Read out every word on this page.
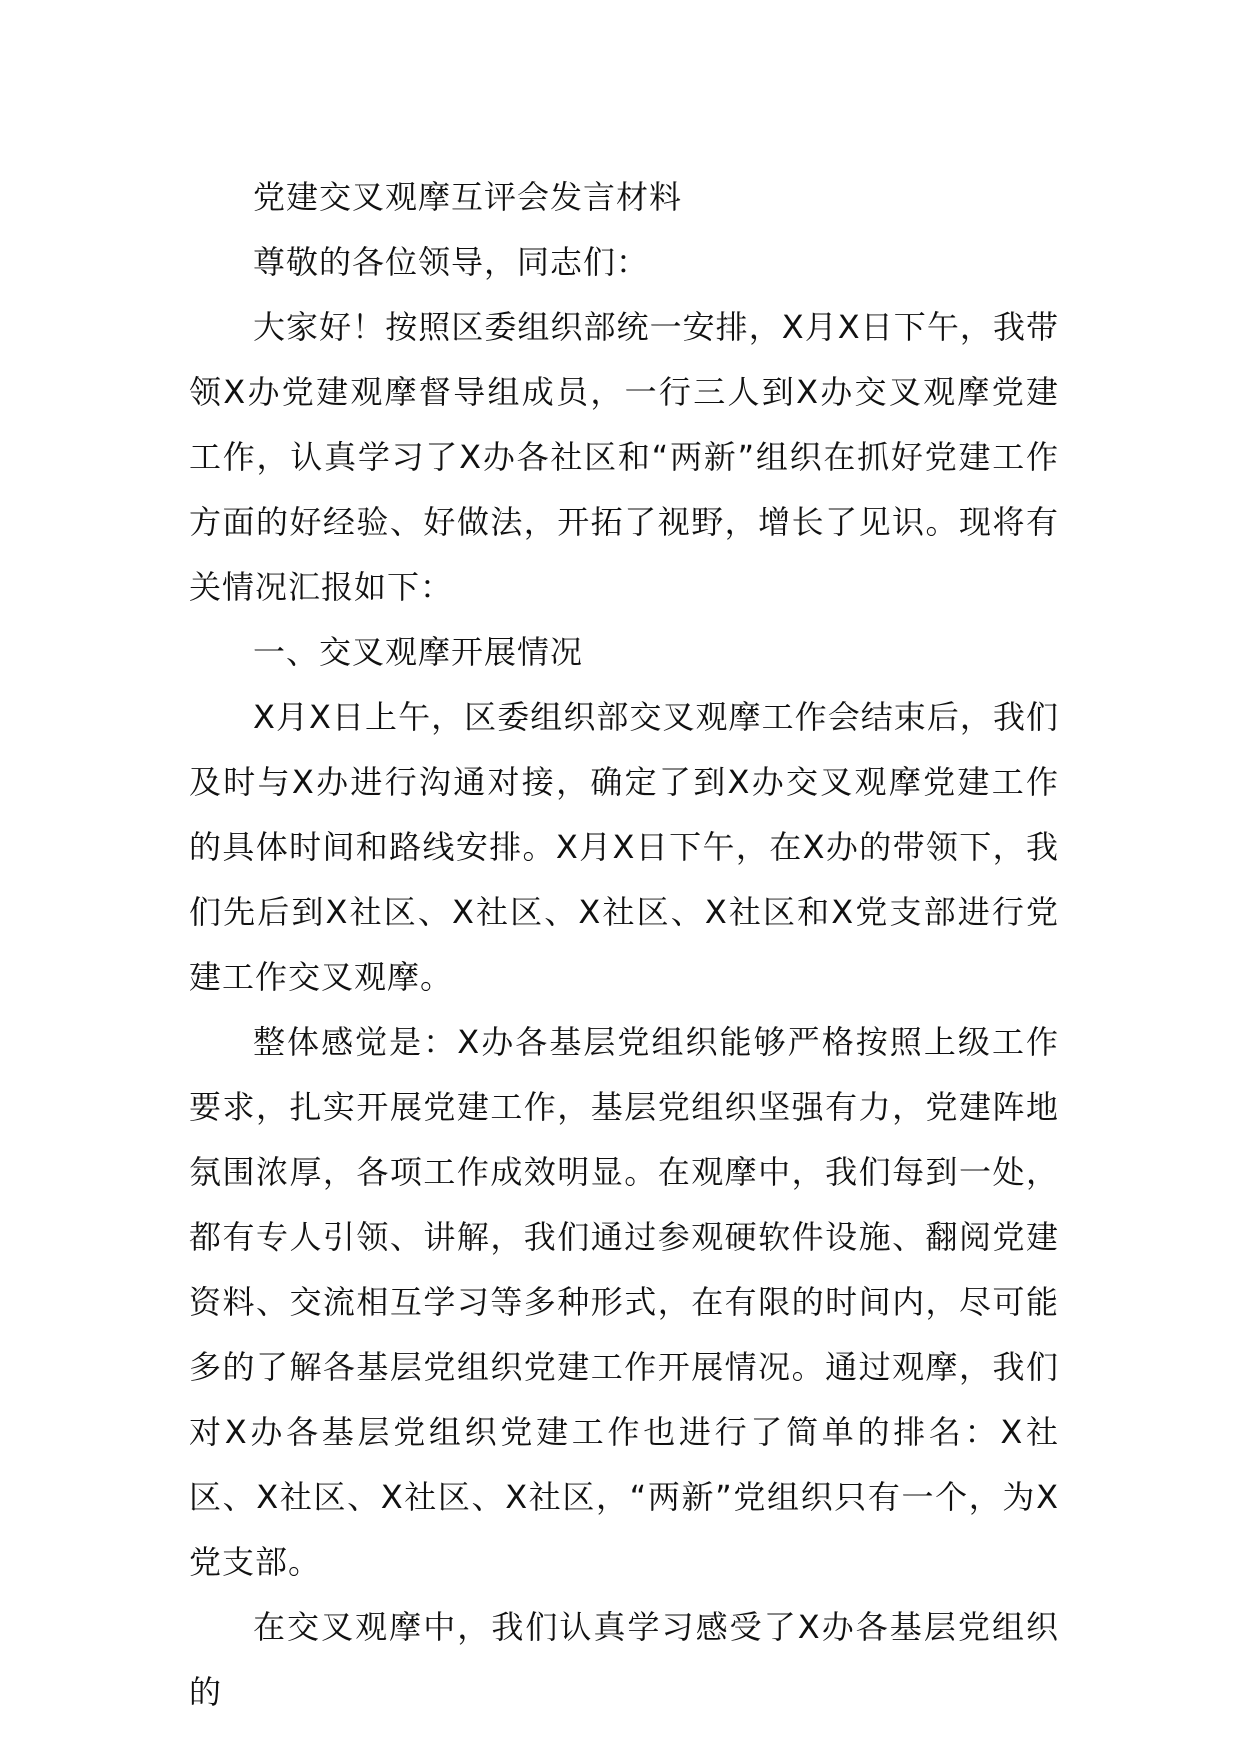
党建交叉观摩互评会发言材料

尊敬的各位领导，同志们：

大家好！按照区委组织部统一安排，X月X日下午，我带领X办党建观摩督导组成员，一行三人到X办交叉观摩党建工作，认真学习了X办各社区和“两新”组织在抓好党建工作方面的好经验、好做法，开拓了视野，增长了见识。现将有关情况汇报如下：

一、交叉观摩开展情况

X月X日上午，区委组织部交叉观摩工作会结束后，我们及时与X办进行沟通对接，确定了到X办交叉观摩党建工作的具体时间和路线安排。X月X日下午，在X办的带领下，我们先后到X社区、X社区、X社区、X社区和X党支部进行党建工作交叉观摩。

整体感觉是：X办各基层党组织能够严格按照上级工作要求，扎实开展党建工作，基层党组织坚强有力，党建阵地氛围浓厚，各项工作成效明显。在观摩中，我们每到一处，都有专人引领、讲解，我们通过参观硬软件设施、翻阅党建资料、交流相互学习等多种形式，在有限的时间内，尽可能多的了解各基层党组织党建工作开展情况。通过观摩，我们对X办各基层党组织党建工作也进行了简单的排名：X社区、X社区、X社区、X社区，“两新”党组织只有一个，为X党支部。

在交叉观摩中，我们认真学习感受了X办各基层党组织的
